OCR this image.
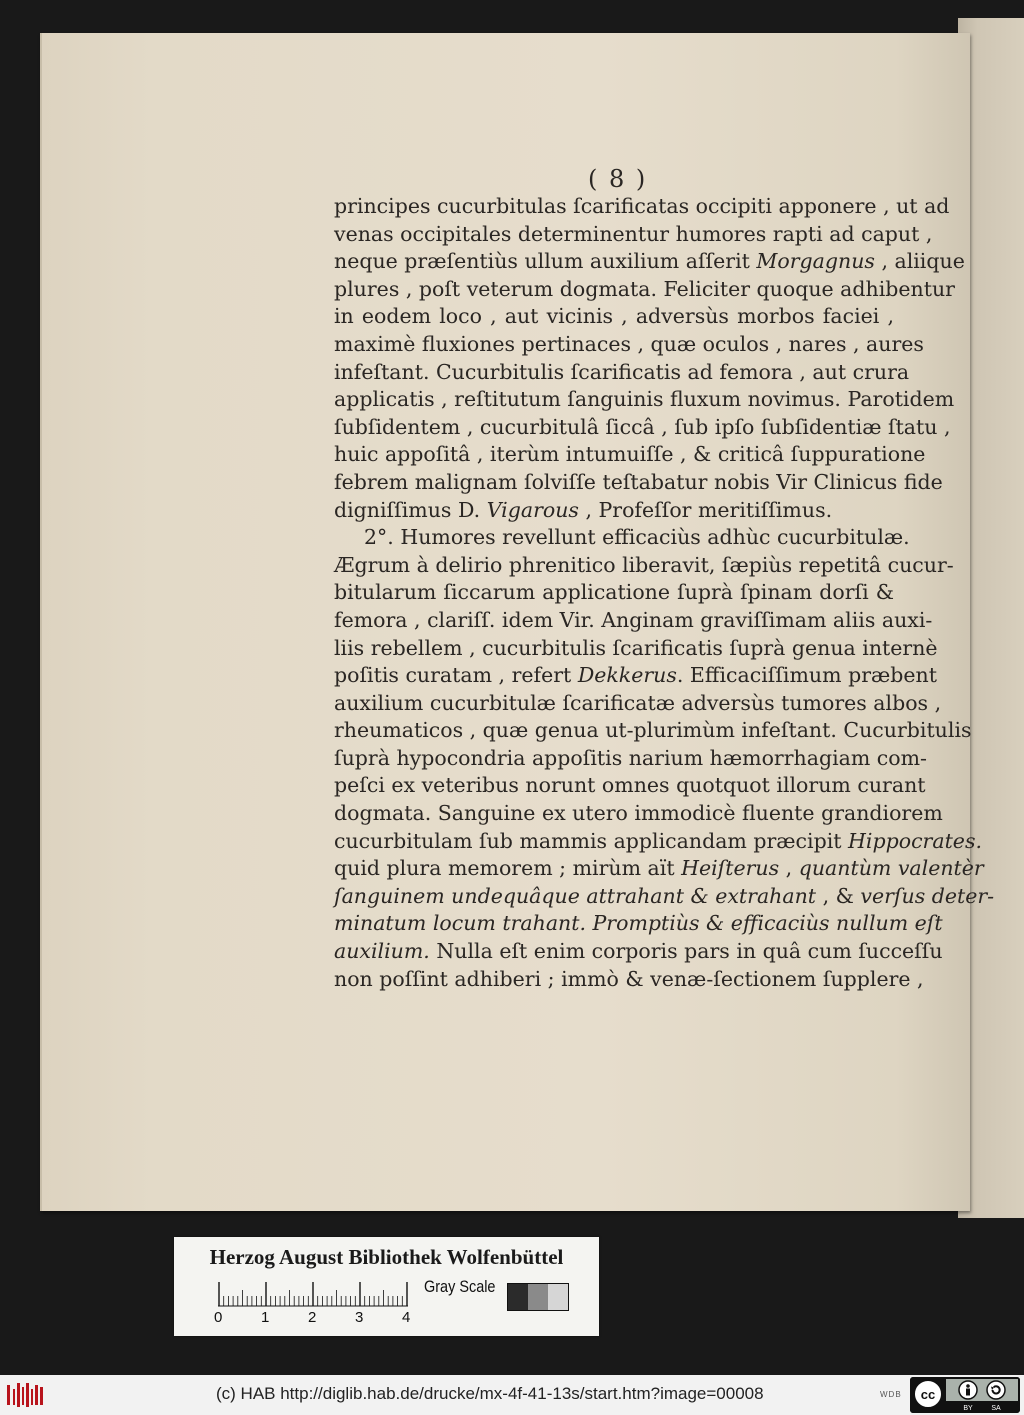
( 8 )
principes cucurbitulas ſcarificatas occipiti apponere , ut ad
venas occipitales determinentur humores rapti ad caput ,
neque præſentiùs ullum auxilium aſſerit Morgagnus , aliique
plures , poſt veterum dogmata. Feliciter quoque adhibentur
in eodem loco , aut vicinis , adversùs morbos faciei ,
maximè fluxiones pertinaces , quæ oculos , nares , aures
infeſtant. Cucurbitulis ſcarificatis ad femora , aut crura
applicatis , reſtitutum ſanguinis fluxum novimus. Parotidem
ſubſidentem , cucurbitulâ ſiccâ , ſub ipſo ſubſidentiæ ſtatu ,
huic appoſitâ , iterùm intumuiſſe , & criticâ ſuppuratione
febrem malignam ſolviſſe teſtabatur nobis Vir Clinicus fide
digniſſimus D. Vigarous , Profeſſor meritiſſimus.
2°. Humores revellunt efficaciùs adhùc cucurbitulæ.
Ægrum à delirio phrenitico liberavit, ſæpiùs repetitâ cucur-
bitularum ſiccarum applicatione ſuprà ſpinam dorſi &
femora , clariſſ. idem Vir. Anginam graviſſimam aliis auxi-
liis rebellem , cucurbitulis ſcarificatis ſuprà genua internè
poſitis curatam , refert Dekkerus. Efficaciſſimum præbent
auxilium cucurbitulæ ſcarificatæ adversùs tumores albos ,
rheumaticos , quæ genua ut-plurimùm infeſtant. Cucurbitulis
ſuprà hypocondria appoſitis narium hæmorrhagiam com-
peſci ex veteribus norunt omnes quotquot illorum curant
dogmata. Sanguine ex utero immodicè fluente grandiorem
cucurbitulam ſub mammis applicandam præcipit Hippocrates.
quid plura memorem ; mirùm aït Heiſterus , quantùm valentèr
ſanguinem undequâque attrahant & extrahant , & verſus deter-
minatum locum trahant. Promptiùs & efficaciùs nullum eſt
auxilium. Nulla eſt enim corporis pars in quâ cum ſucceſſu
non poſſint adhiberi ; immò & venæ-ſectionem ſupplere ,
Herzog August Bibliothek Wolfenbüttel
0	1	2	3	4
Gray Scale
(c) HAB http://diglib.hab.de/drucke/mx-4f-41-13s/start.htm?image=00008	WDB cc
BY	SA
